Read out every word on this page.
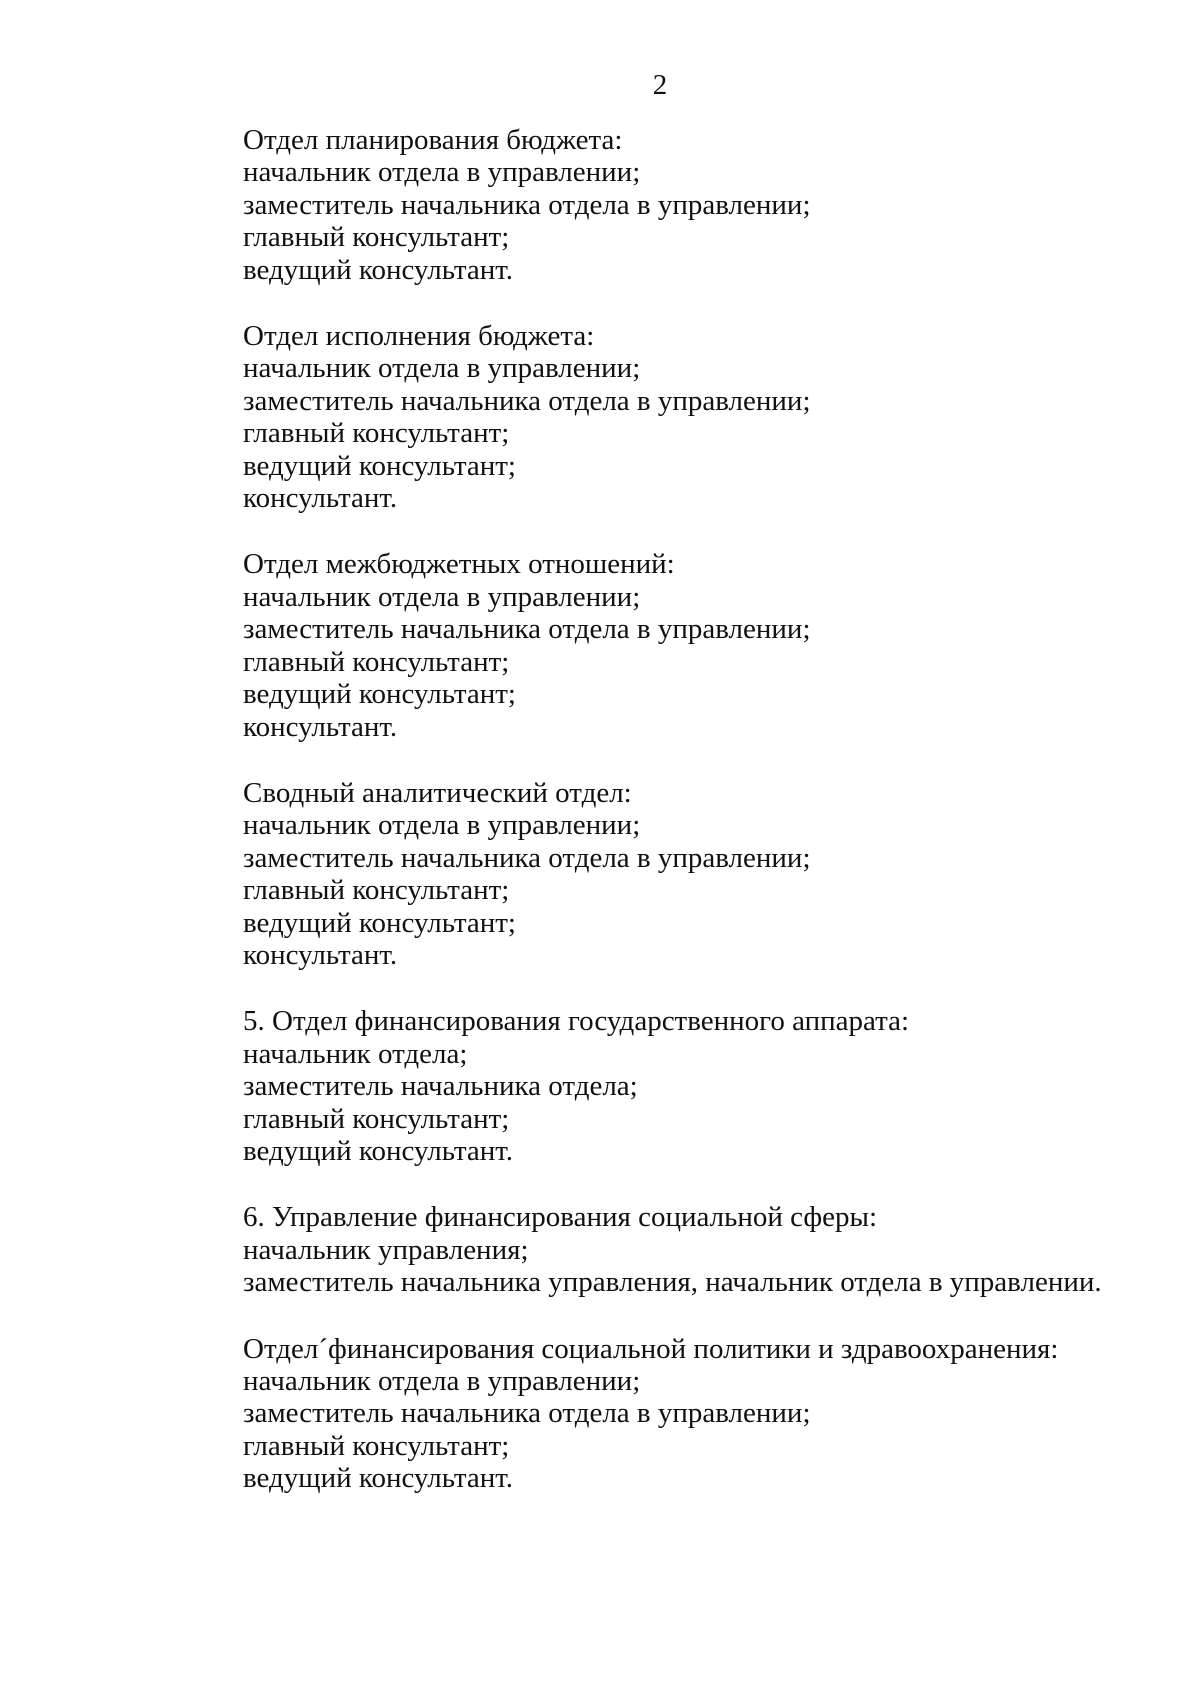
2
Отдел планирования бюджета:
начальник отдела в управлении;
заместитель начальника отдела в управлении;
главный консультант;
ведущий консультант.
Отдел исполнения бюджета:
начальник отдела в управлении;
заместитель начальника отдела в управлении;
главный консультант;
ведущий консультант;
консультант.
Отдел межбюджетных отношений:
начальник отдела в управлении;
заместитель начальника отдела в управлении;
главный консультант;
ведущий консультант;
консультант.
Сводный аналитический отдел:
начальник отдела в управлении;
заместитель начальника отдела в управлении;
главный консультант;
ведущий консультант;
консультант.
5. Отдел финансирования государственного аппарата:
начальник отдела;
заместитель начальника отдела;
главный консультант;
ведущий консультант.
6. Управление финансирования социальной сферы:
начальник управления;
заместитель начальника управления, начальник отдела в управлении.
Отдел´финансирования социальной политики и здравоохранения:
начальник отдела в управлении;
заместитель начальника отдела в управлении;
главный консультант;
ведущий консультант.
